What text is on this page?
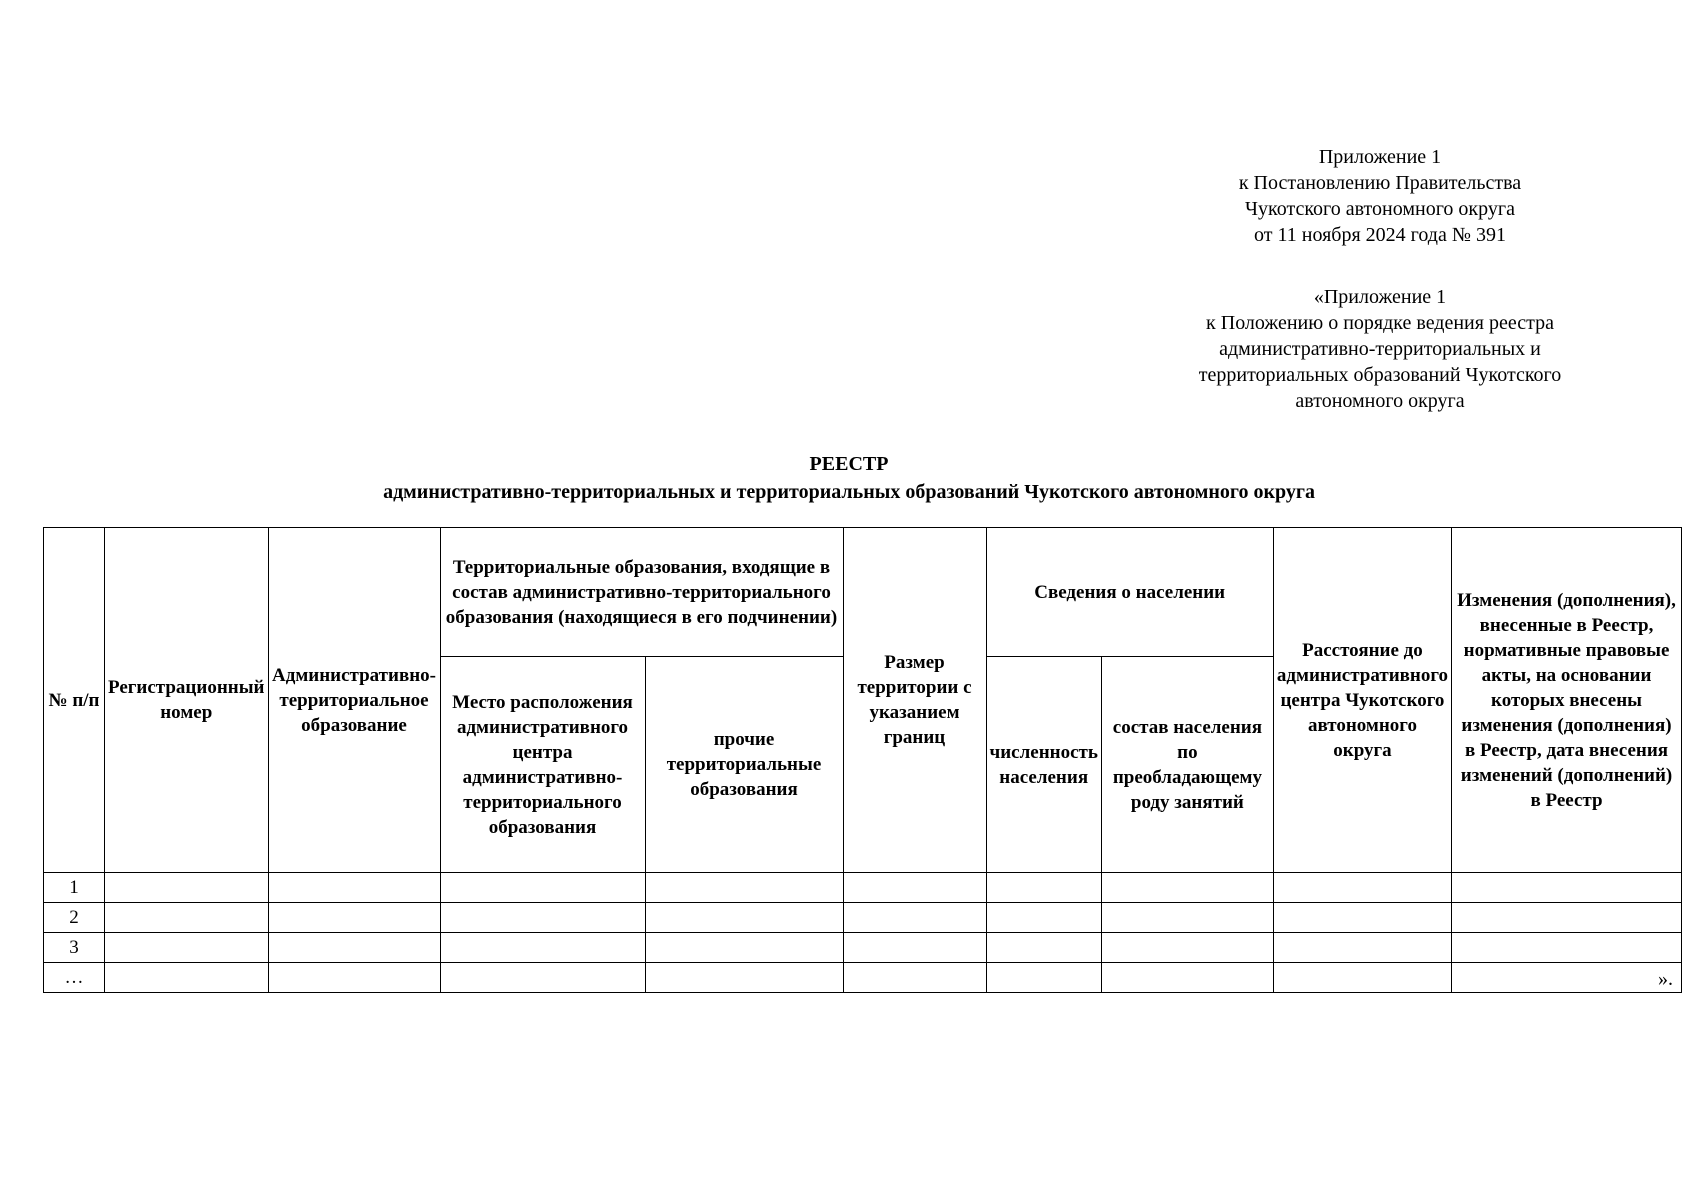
Приложение 1
к Постановлению Правительства
Чукотского автономного округа
от 11 ноября 2024 года № 391
«Приложение 1
к Положению о порядке ведения реестра
административно-территориальных и
территориальных образований Чукотского
автономного округа
РЕЕСТР
административно-территориальных и территориальных образований Чукотского автономного округа
№ п/п	Регистрационный номер	Административно-территориальное образование	Территориальные образования, входящие в состав административно-территориального образования (находящиеся в его подчинении)		Размер территории с указанием границ	Сведения о населении		Расстояние до административного центра Чукотского автономного округа	Изменения (дополнения), внесенные в Реестр, нормативные правовые акты, на основании которых внесены изменения (дополнения) в Реестр, дата внесения изменений (дополнений) в Реестр
			Место расположения административного центра административно-территориального образования	прочие территориальные образования		численность населения	состав населения по преобладающему роду занятий		
1									
2									
3									
…										».
